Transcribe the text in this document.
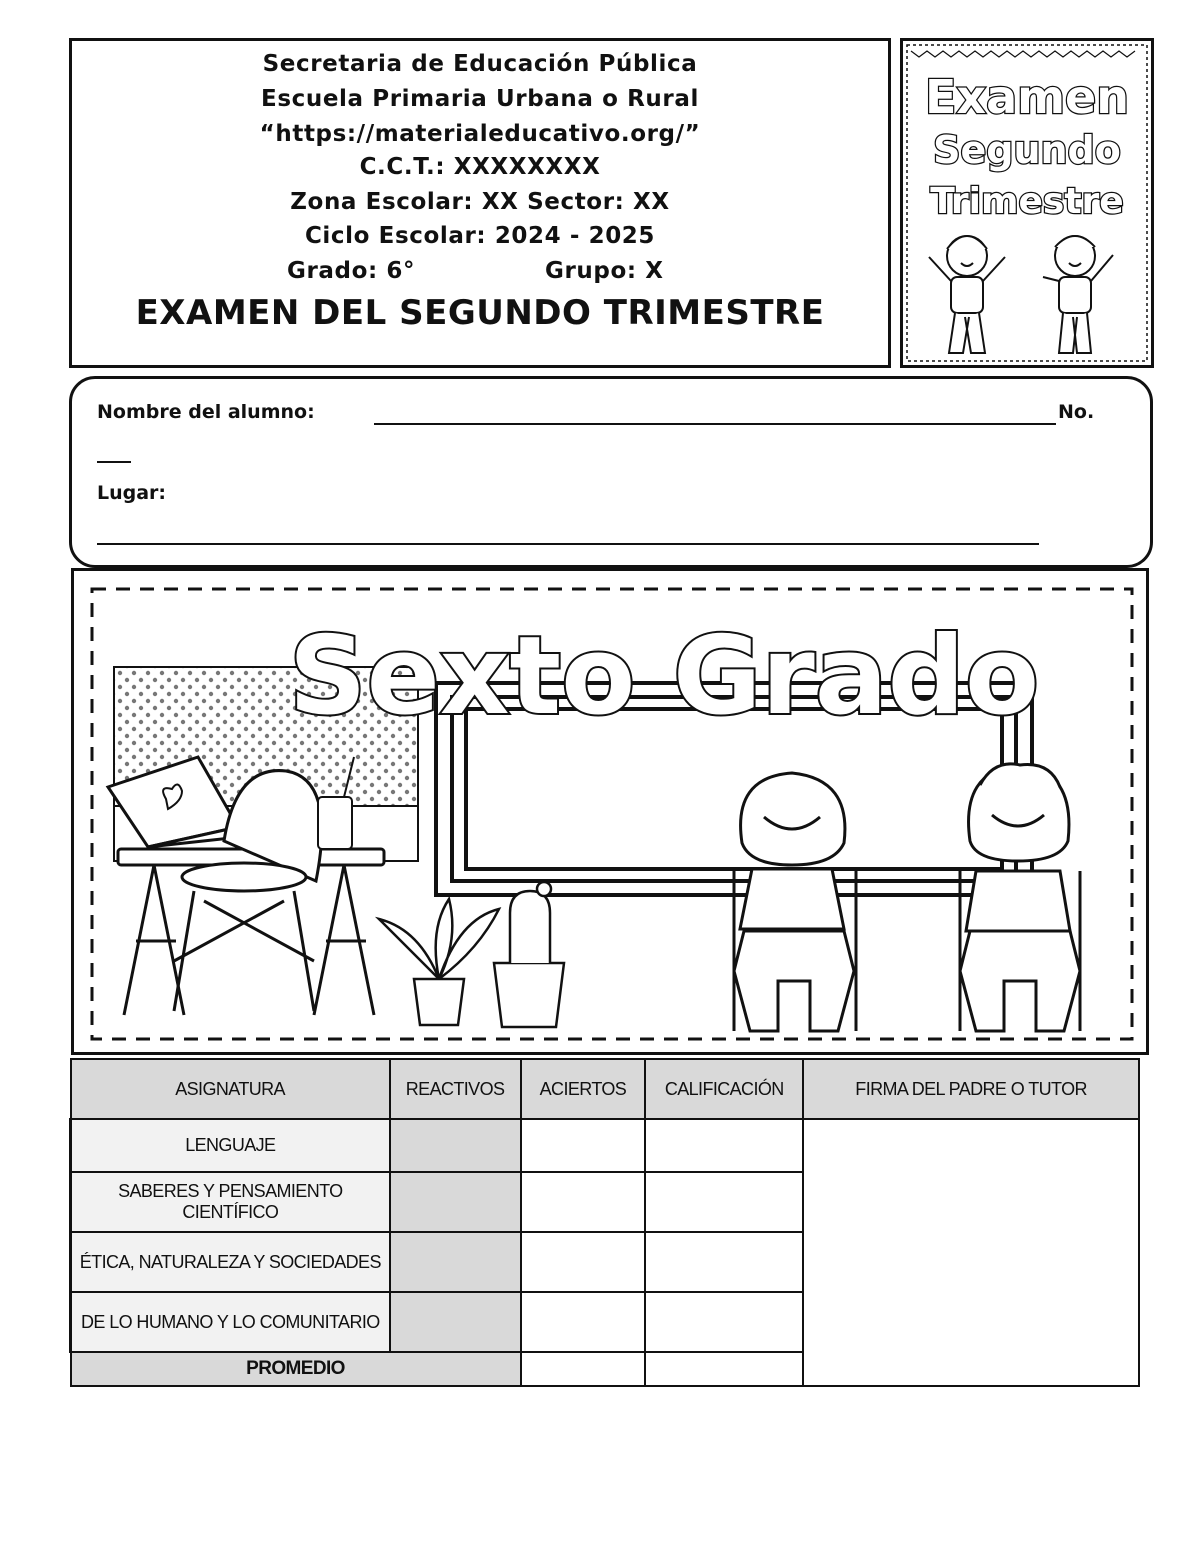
Secretaria de Educación Pública
Escuela Primaria Urbana o Rural
“https://materialeducativo.org/”
C.C.T.: XXXXXXXX
Zona Escolar: XX Sector: XX
Ciclo Escolar: 2024 - 2025
Grado: 6°	Grupo: X
EXAMEN DEL SEGUNDO TRIMESTRE
Examen
Segundo
Trimestre
Nombre del alumno:	No.
Lugar:
Sexto Grado
ASIGNATURA	REACTIVOS	ACIERTOS	CALIFICACIÓN	FIRMA DEL PADRE O TUTOR
LENGUAJE				
SABERES Y PENSAMIENTO CIENTÍFICO				
ÉTICA, NATURALEZA Y SOCIEDADES				
DE LO HUMANO Y LO COMUNITARIO				
PROMEDIO				
